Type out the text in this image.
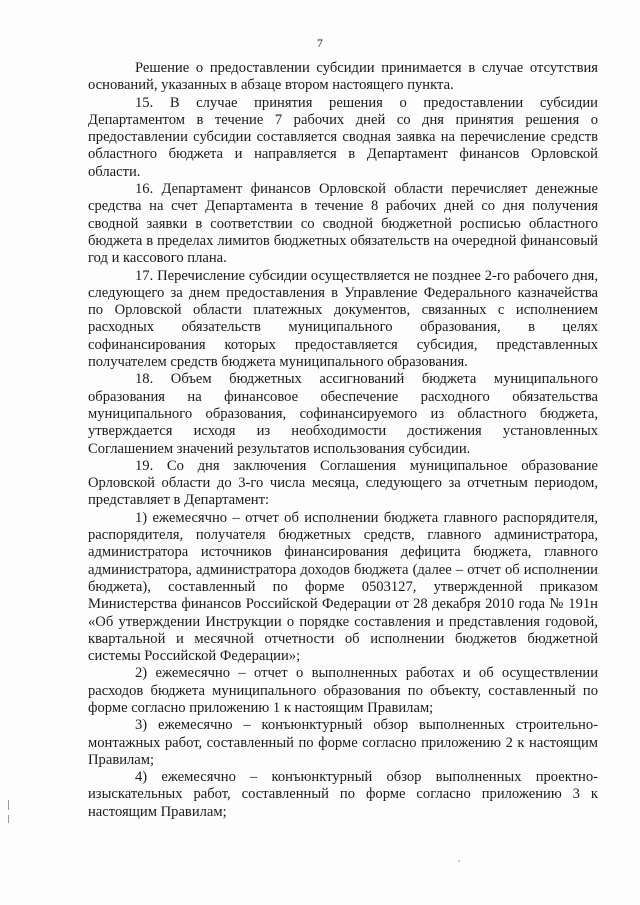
7

Решение о предоставлении субсидии принимается в случае отсутствия оснований, указанных в абзаце втором настоящего пункта.

15. В случае принятия решения о предоставлении субсидии Департаментом в течение 7 рабочих дней со дня принятия решения о предоставлении субсидии составляется сводная заявка на перечисление средств областного бюджета и направляется в Департамент финансов Орловской области.

16. Департамент финансов Орловской области перечисляет денежные средства на счет Департамента в течение 8 рабочих дней со дня получения сводной заявки в соответствии со сводной бюджетной росписью областного бюджета в пределах лимитов бюджетных обязательств на очередной финансовый год и кассового плана.

17. Перечисление субсидии осуществляется не позднее 2-го рабочего дня, следующего за днем предоставления в Управление Федерального казначейства по Орловской области платежных документов, связанных с исполнением расходных обязательств муниципального образования, в целях софинансирования которых предоставляется субсидия, представленных получателем средств бюджета муниципального образования.

18. Объем бюджетных ассигнований бюджета муниципального образования на финансовое обеспечение расходного обязательства муниципального образования, софинансируемого из областного бюджета, утверждается исходя из необходимости достижения установленных Соглашением значений результатов использования субсидии.

19. Со дня заключения Соглашения муниципальное образование Орловской области до 3-го числа месяца, следующего за отчетным периодом, представляет в Департамент:

1) ежемесячно – отчет об исполнении бюджета главного распорядителя, распорядителя, получателя бюджетных средств, главного администратора, администратора источников финансирования дефицита бюджета, главного администратора, администратора доходов бюджета (далее – отчет об исполнении бюджета), составленный по форме 0503127, утвержденной приказом Министерства финансов Российской Федерации от 28 декабря 2010 года № 191н «Об утверждении Инструкции о порядке составления и представления годовой, квартальной и месячной отчетности об исполнении бюджетов бюджетной системы Российской Федерации»;

2) ежемесячно – отчет о выполненных работах и об осуществлении расходов бюджета муниципального образования по объекту, составленный по форме согласно приложению 1 к настоящим Правилам;

3) ежемесячно – конъюнктурный обзор выполненных строительно-монтажных работ, составленный по форме согласно приложению 2 к настоящим Правилам;

4) ежемесячно – конъюнктурный обзор выполненных проектно-изыскательных работ, составленный по форме согласно приложению 3 к настоящим Правилам;
